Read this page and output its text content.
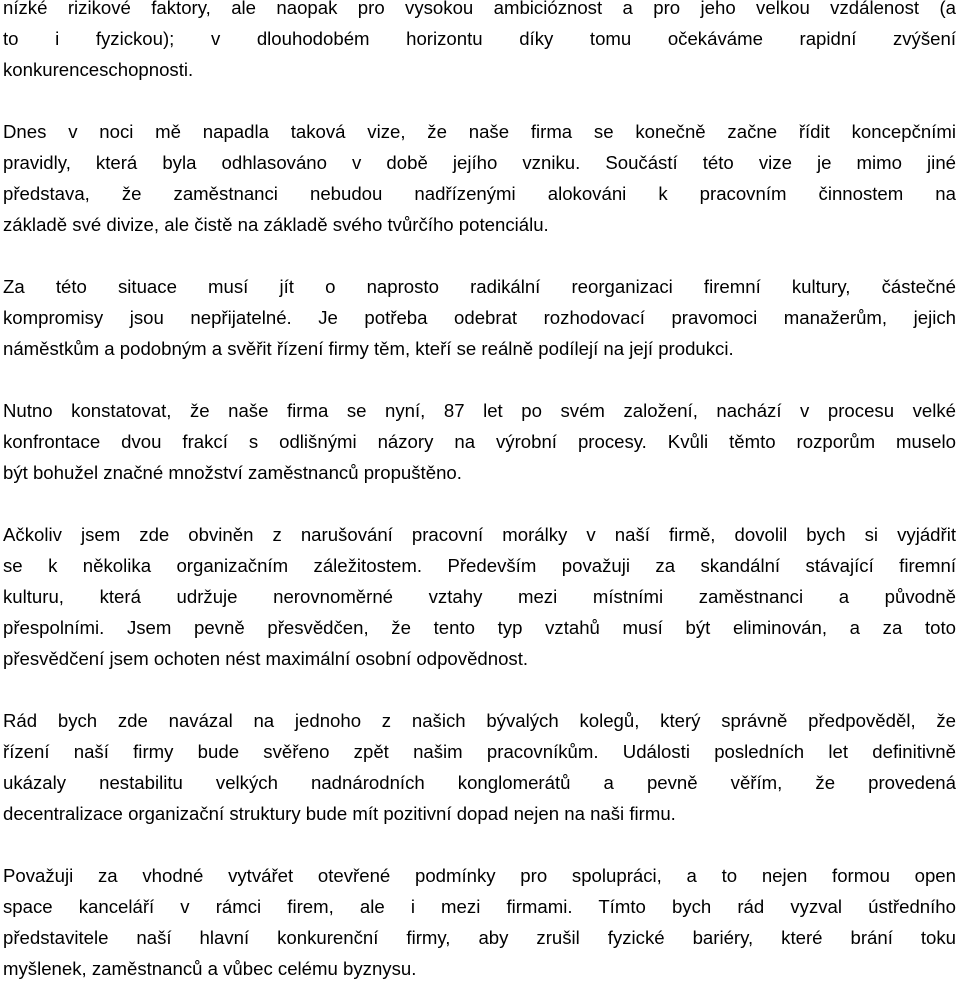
nízké rizikové faktory, ale naopak pro vysokou ambicióznost a pro jeho velkou vzdálenost (a
to i fyzickou); v dlouhodobém horizontu díky tomu očekáváme rapidní zvýšení
konkurenceschopnosti.

Dnes v noci mě napadla taková vize, že naše firma se konečně začne řídit koncepčními
pravidly, která byla odhlasováno v době jejího vzniku. Součástí této vize je mimo jiné
představa, že zaměstnanci nebudou nadřízenými alokováni k pracovním činnostem na
základě své divize, ale čistě na základě svého tvůrčího potenciálu.

Za této situace musí jít o naprosto radikální reorganizaci firemní kultury, částečné
kompromisy jsou nepřijatelné. Je potřeba odebrat rozhodovací pravomoci manažerům, jejich
náměstkům a podobným a svěřit řízení firmy těm, kteří se reálně podílejí na její produkci.

Nutno konstatovat, že naše firma se nyní, 87 let po svém založení, nachází v procesu velké
konfrontace dvou frakcí s odlišnými názory na výrobní procesy. Kvůli těmto rozporům muselo
být bohužel značné množství zaměstnanců propuštěno.

Ačkoliv jsem zde obviněn z narušování pracovní morálky v naší firmě, dovolil bych si vyjádřit
se k několika organizačním záležitostem. Především považuji za skandální stávající firemní
kulturu, která udržuje nerovnoměrné vztahy mezi místními zaměstnanci a původně
přespolními. Jsem pevně přesvědčen, že tento typ vztahů musí být eliminován, a za toto
přesvědčení jsem ochoten nést maximální osobní odpovědnost.

Rád bych zde navázal na jednoho z našich bývalých kolegů, který správně předpověděl, že
řízení naší firmy bude svěřeno zpět našim pracovníkům. Události posledních let definitivně
ukázaly nestabilitu velkých nadnárodních konglomerátů a pevně věřím, že provedená
decentralizace organizační struktury bude mít pozitivní dopad nejen na naši firmu.

Považuji za vhodné vytvářet otevřené podmínky pro spolupráci, a to nejen formou open
space kanceláří v rámci firem, ale i mezi firmami. Tímto bych rád vyzval ústředního
představitele naší hlavní konkurenční firmy, aby zrušil fyzické bariéry, které brání toku
myšlenek, zaměstnanců a vůbec celému byznysu.
